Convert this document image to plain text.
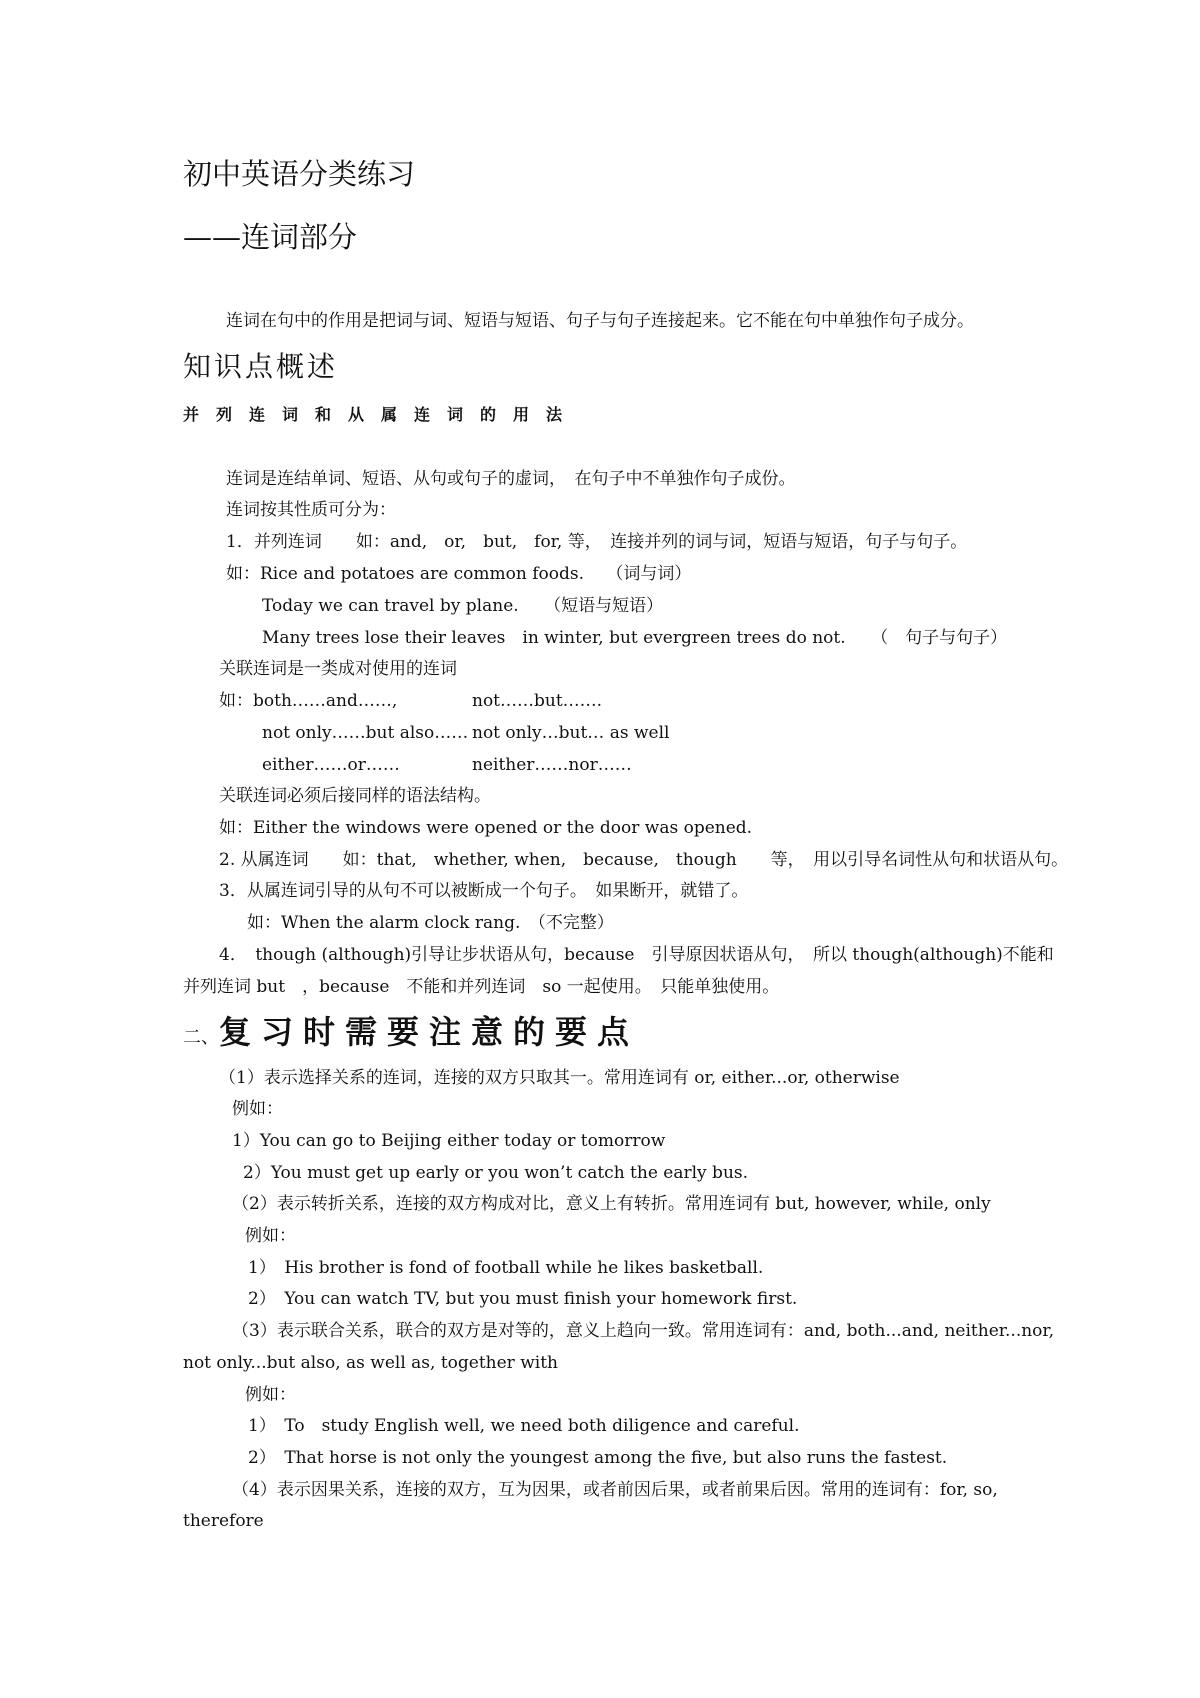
初中英语分类练习
——连词部分
连词在句中的作用是把词与词、短语与短语、句子与句子连接起来。它不能在句中单独作句子成分。
知识点概述
并列连词和从属连词的用法
连词是连结单词、短语、从句或句子的虚词，　在句子中不单独作句子成份。
连词按其性质可分为：
1．并列连词　　如：and,　or,　but,　for, 等，　连接并列的词与词，短语与短语，句子与句子。
如：Rice and potatoes are common foods.　 （词与词）
Today we can travel by plane.　　（短语与短语）
Many trees lose their leaves　in winter, but evergreen trees do not.　　（　句子与句子）
关联连词是一类成对使用的连词
如：both……and……,	not……but…….
not only……but also…… not only…but… as well
either……or……	neither……nor……
关联连词必须后接同样的语法结构。
如：Either the windows were opened or the door was opened.
2. 从属连词　　如：that,　whether, when,　because,　though　　等，　用以引导名词性从句和状语从句。
3．从属连词引导的从句不可以被断成一个句子。　如果断开，就错了。
如：When the alarm clock rang.　（不完整）
4．　though (although)引导让步状语从句，because　引导原因状语从句，　所以 though(although)不能和
并列连词 but　，because　不能和并列连词　so 一起使用。　只能单独使用。
二、复习时需要注意的要点
（1）表示选择关系的连词，连接的双方只取其一。常用连词有 or, either...or, otherwise
例如：
1）You can go to Beijing either today or tomorrow
2）You must get up early or you won’t catch the early bus.
（2）表示转折关系，连接的双方构成对比，意义上有转折。常用连词有 but, however, while, only
例如：
1）　His brother is fond of football while he likes basketball.
2）　You can watch TV, but you must finish your homework first.
（3）表示联合关系，联合的双方是对等的，意义上趋向一致。常用连词有：and, both...and, neither...nor,
not only...but also, as well as, together with
例如：
1）　To　study English well, we need both diligence and careful.
2）　That horse is not only the youngest among the five, but also runs the fastest.
（4）表示因果关系，连接的双方，互为因果，或者前因后果，或者前果后因。常用的连词有：for, so,
therefore
